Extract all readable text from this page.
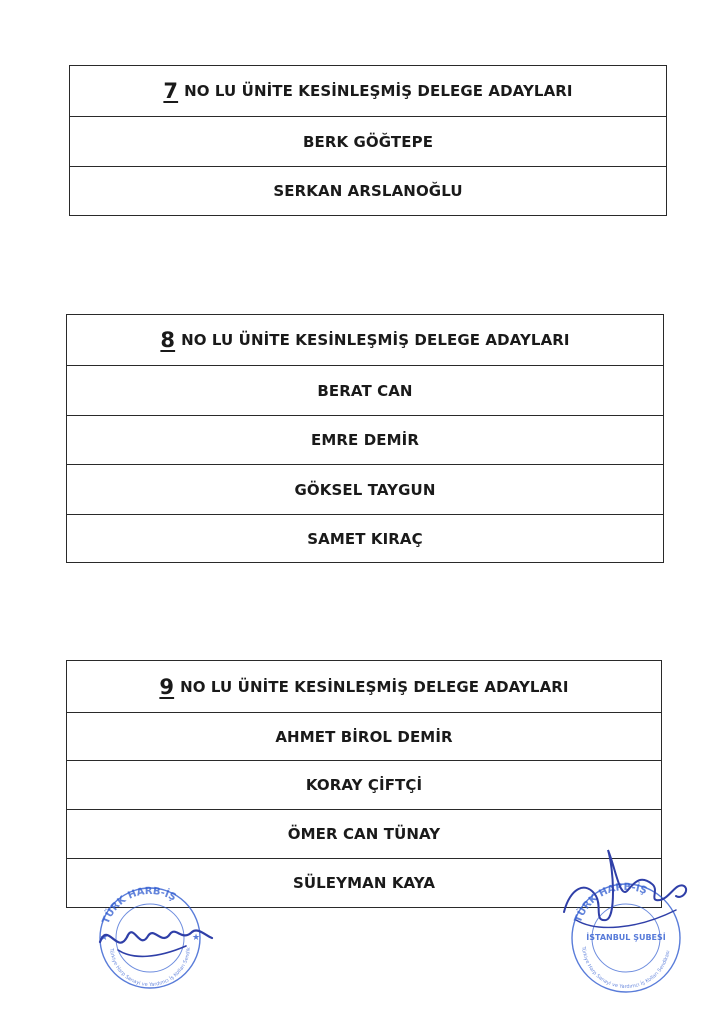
7 NO LU ÜNİTE KESİNLEŞMİŞ DELEGE ADAYLARI
BERK GÖĞTEPE
SERKAN ARSLANOĞLU
8 NO LU ÜNİTE KESİNLEŞMİŞ DELEGE ADAYLARI
BERAT CAN
EMRE DEMİR
GÖKSEL TAYGUN
SAMET KIRAÇ
9 NO LU ÜNİTE KESİNLEŞMİŞ DELEGE ADAYLARI
AHMET BİROL DEMİR
KORAY ÇİFTÇİ
ÖMER CAN TÜNAY
SÜLEYMAN KAYA
TÜRK HARB-İŞ
Türkiye Harp Sanayi ve Yardımcı İş Kolları Sendikası
★	★
TÜRK HARB-İŞ
Türkiye Harp Sanayi ve Yardımcı İş Kolları Sendikası
İSTANBUL ŞUBESİ
